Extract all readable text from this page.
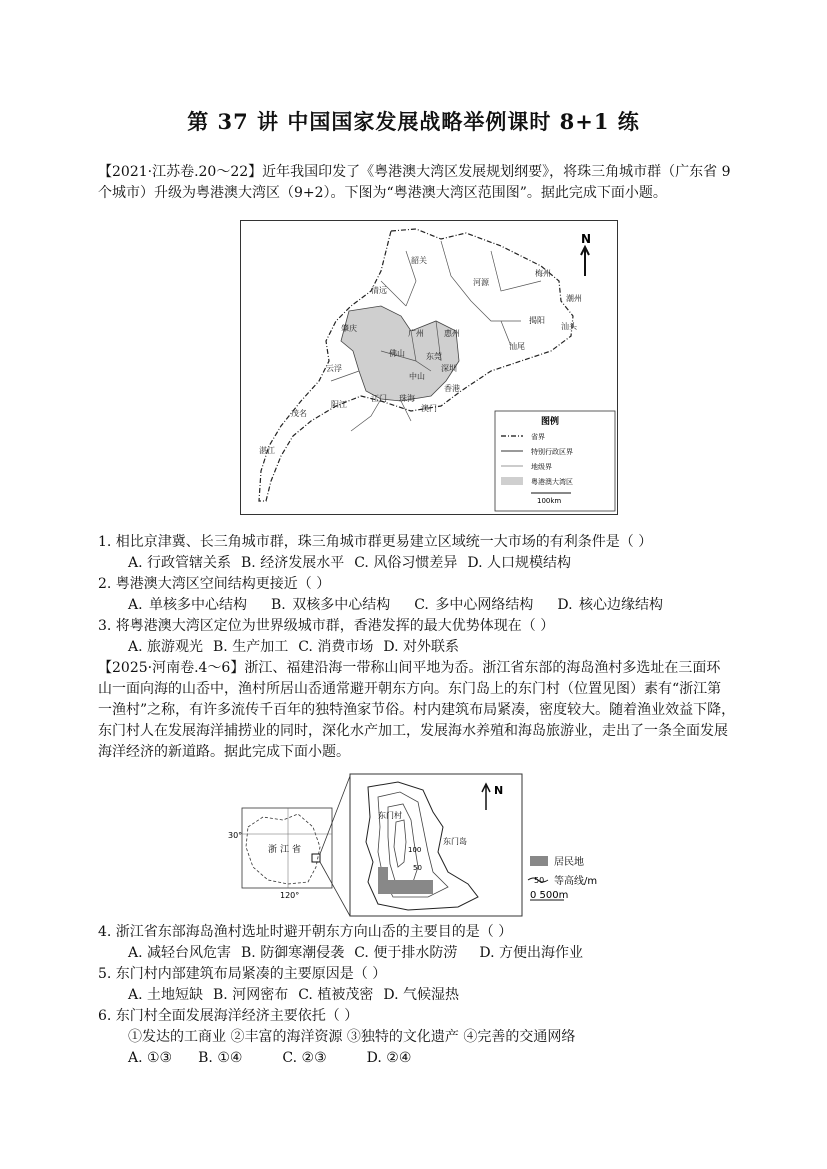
第 37 讲 中国国家发展战略举例课时 8+1 练
【2021·江苏卷.20～22】近年我国印发了《粤港澳大湾区发展规划纲要》，将珠三角城市群（广东省 9
个城市）升级为粤港澳大湾区（9+2）。下图为“粤港澳大湾区范围图”。据此完成下面小题。
N
韶关
清远
河源
梅州
潮州
揭阳
汕头
汕尾
肇庆
广州	惠州
佛山	东莞
深圳
云浮
中山
香港
江门 珠海
澳门
阳江
茂名
湛江
图例
省界
特别行政区界
地级界
粤港澳大湾区
100km
1. 相比京津冀、长三角城市群，珠三角城市群更易建立区域统一大市场的有利条件是（ ）
A. 行政管辖关系 B. 经济发展水平 C. 风俗习惯差异 D. 人口规模结构
2. 粤港澳大湾区空间结构更接近（ ）
A. 单核多中心结构 B. 双核多中心结构 C. 多中心网络结构 D. 核心边缘结构
3. 将粤港澳大湾区定位为世界级城市群，香港发挥的最大优势体现在（ ）
A. 旅游观光 B. 生产加工 C. 消费市场 D. 对外联系
【2025·河南卷.4～6】浙江、福建沿海一带称山间平地为岙。浙江省东部的海岛渔村多选址在三面环
山一面向海的山岙中，渔村所居山岙通常避开朝东方向。东门岛上的东门村（位置见图）素有“浙江第
一渔村”之称，有许多流传千百年的独特渔家节俗。村内建筑布局紧凑，密度较大。随着渔业效益下降，
东门村人在发展海洋捕捞业的同时，深化水产加工，发展海水养殖和海岛旅游业，走出了一条全面发展
海洋经济的新道路。据此完成下面小题。
30°
120°
浙 江 省
东门村
东门岛
100
50
N
居民地
50 等高线/m
0 500m
4. 浙江省东部海岛渔村选址时避开朝东方向山岙的主要目的是（ ）
A. 减轻台风危害 B. 防御寒潮侵袭 C. 便于排水防涝 D. 方便出海作业
5. 东门村内部建筑布局紧凑的主要原因是（ ）
A. 土地短缺 B. 河网密布 C. 植被茂密 D. 气候湿热
6. 东门村全面发展海洋经济主要依托（ ）
①发达的工商业 ②丰富的海洋资源 ③独特的文化遗产 ④完善的交通网络
A. ①③ B. ①④	C. ②③	D. ②④
